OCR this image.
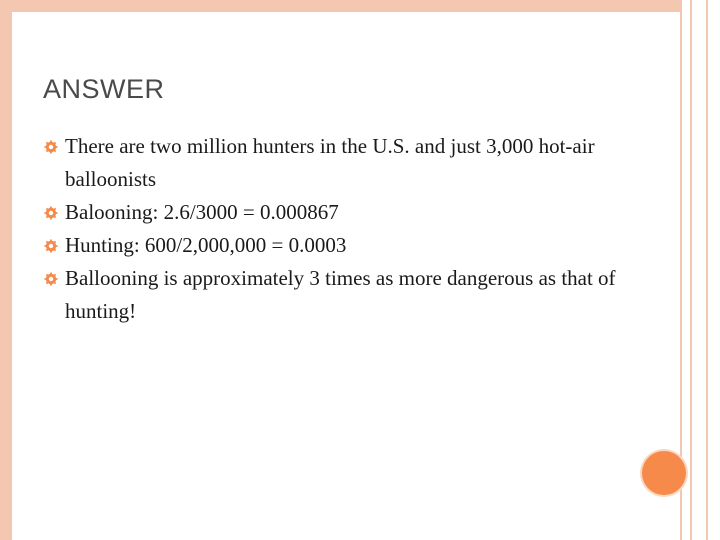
ANSWER
There are two million hunters in the U.S. and just 3,000 hot-air balloonists
Balooning: 2.6/3000 = 0.000867
Hunting: 600/2,000,000 = 0.0003
Ballooning is approximately 3 times as more dangerous as that of hunting!
